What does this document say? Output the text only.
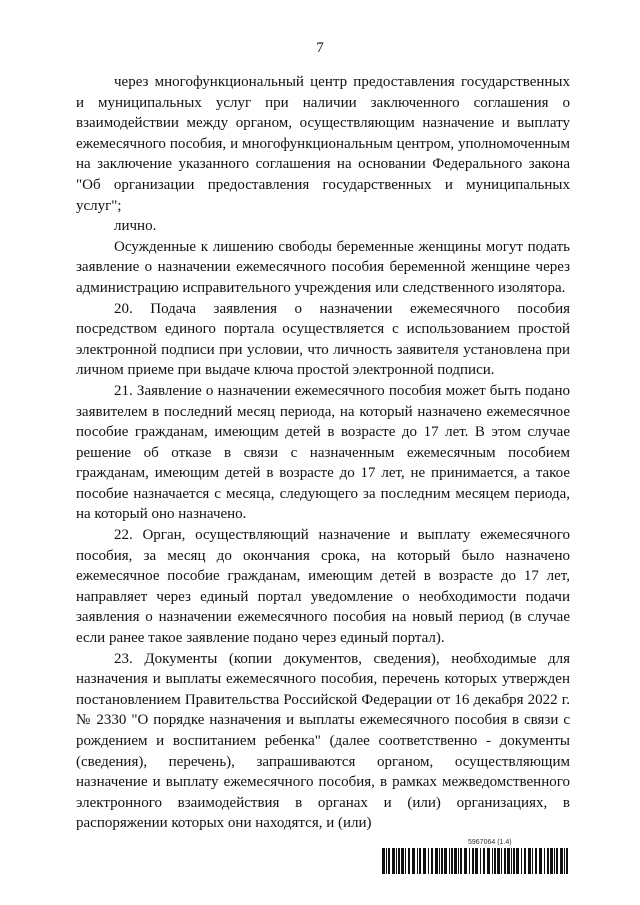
7

через многофункциональный центр предоставления государственных и муниципальных услуг при наличии заключенного соглашения о взаимодействии между органом, осуществляющим назначение и выплату ежемесячного пособия, и многофункциональным центром, уполномоченным на заключение указанного соглашения на основании Федерального закона "Об организации предоставления государственных и муниципальных услуг";

лично.

Осужденные к лишению свободы беременные женщины могут подать заявление о назначении ежемесячного пособия беременной женщине через администрацию исправительного учреждения или следственного изолятора.

20. Подача заявления о назначении ежемесячного пособия посредством единого портала осуществляется с использованием простой электронной подписи при условии, что личность заявителя установлена при личном приеме при выдаче ключа простой электронной подписи.

21. Заявление о назначении ежемесячного пособия может быть подано заявителем в последний месяц периода, на который назначено ежемесячное пособие гражданам, имеющим детей в возрасте до 17 лет. В этом случае решение об отказе в связи с назначенным ежемесячным пособием гражданам, имеющим детей в возрасте до 17 лет, не принимается, а такое пособие назначается с месяца, следующего за последним месяцем периода, на который оно назначено.

22. Орган, осуществляющий назначение и выплату ежемесячного пособия, за месяц до окончания срока, на который было назначено ежемесячное пособие гражданам, имеющим детей в возрасте до 17 лет, направляет через единый портал уведомление о необходимости подачи заявления о назначении ежемесячного пособия на новый период (в случае если ранее такое заявление подано через единый портал).

23. Документы (копии документов, сведения), необходимые для назначения и выплаты ежемесячного пособия, перечень которых утвержден постановлением Правительства Российской Федерации от 16 декабря 2022 г. № 2330 "О порядке назначения и выплаты ежемесячного пособия в связи с рождением и воспитанием ребенка" (далее соответственно - документы (сведения), перечень), запрашиваются органом, осуществляющим назначение и выплату ежемесячного пособия, в рамках межведомственного электронного взаимодействия в органах и (или) организациях, в распоряжении которых они находятся, и (или)

5967064 (1.4)
